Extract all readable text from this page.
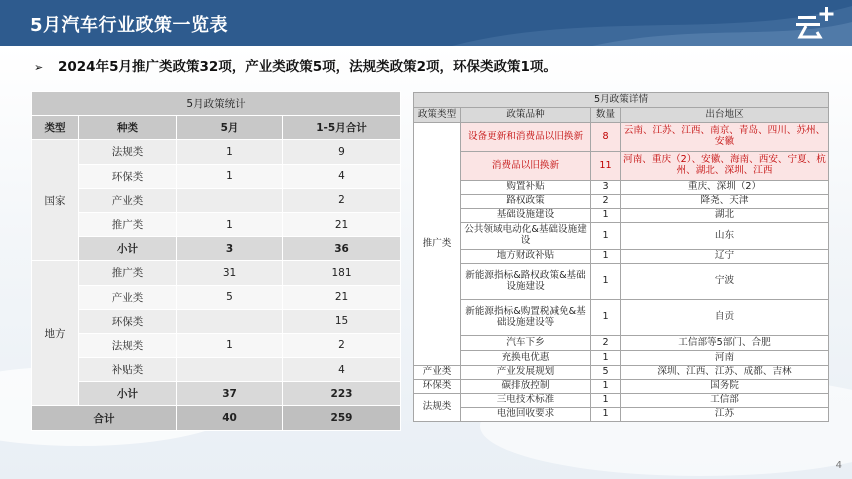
5月汽车行业政策一览表
➢ 2024年5月推广类政策32项，产业类政策5项，法规类政策2项，环保类政策1项。
5月政策统计			
类型	种类	5月	1-5月合计
国家	法规类	1	9
	环保类	1	4
	产业类		2
	推广类	1	21
	小计	3	36
地方	推广类	31	181
	产业类	5	21
	环保类		15
	法规类	1	2
	补贴类		4
	小计	37	223
合计		40	259
5月政策详情			
政策类型	政策品种	数量	出台地区
推广类	设备更新和消费品以旧换新	8	云南、江苏、江西、南京、青岛、四川、苏州、安徽
	消费品以旧换新	11	河南、重庆（2）、安徽、海南、西安、宁夏、杭州、湖北、深圳、江西
	购置补贴	3	重庆、深圳（2）
	路权政策	2	降尧、天津
	基础设施建设	1	湖北
	公共领域电动化&基础设施建设	1	山东
	地方财政补贴	1	辽宁
	新能源指标&路权政策&基础设施建设	1	宁波
	新能源指标&购置税减免&基础设施建设等	1	自贡
	汽车下乡	2	工信部等5部门、合肥
	充换电优惠	1	河南
产业类	产业发展规划	5	深圳、江西、江苏、成都、吉林
环保类	碳排放控制	1	国务院
法规类	三电技术标准	1	工信部
	电池回收要求	1	江苏
4
